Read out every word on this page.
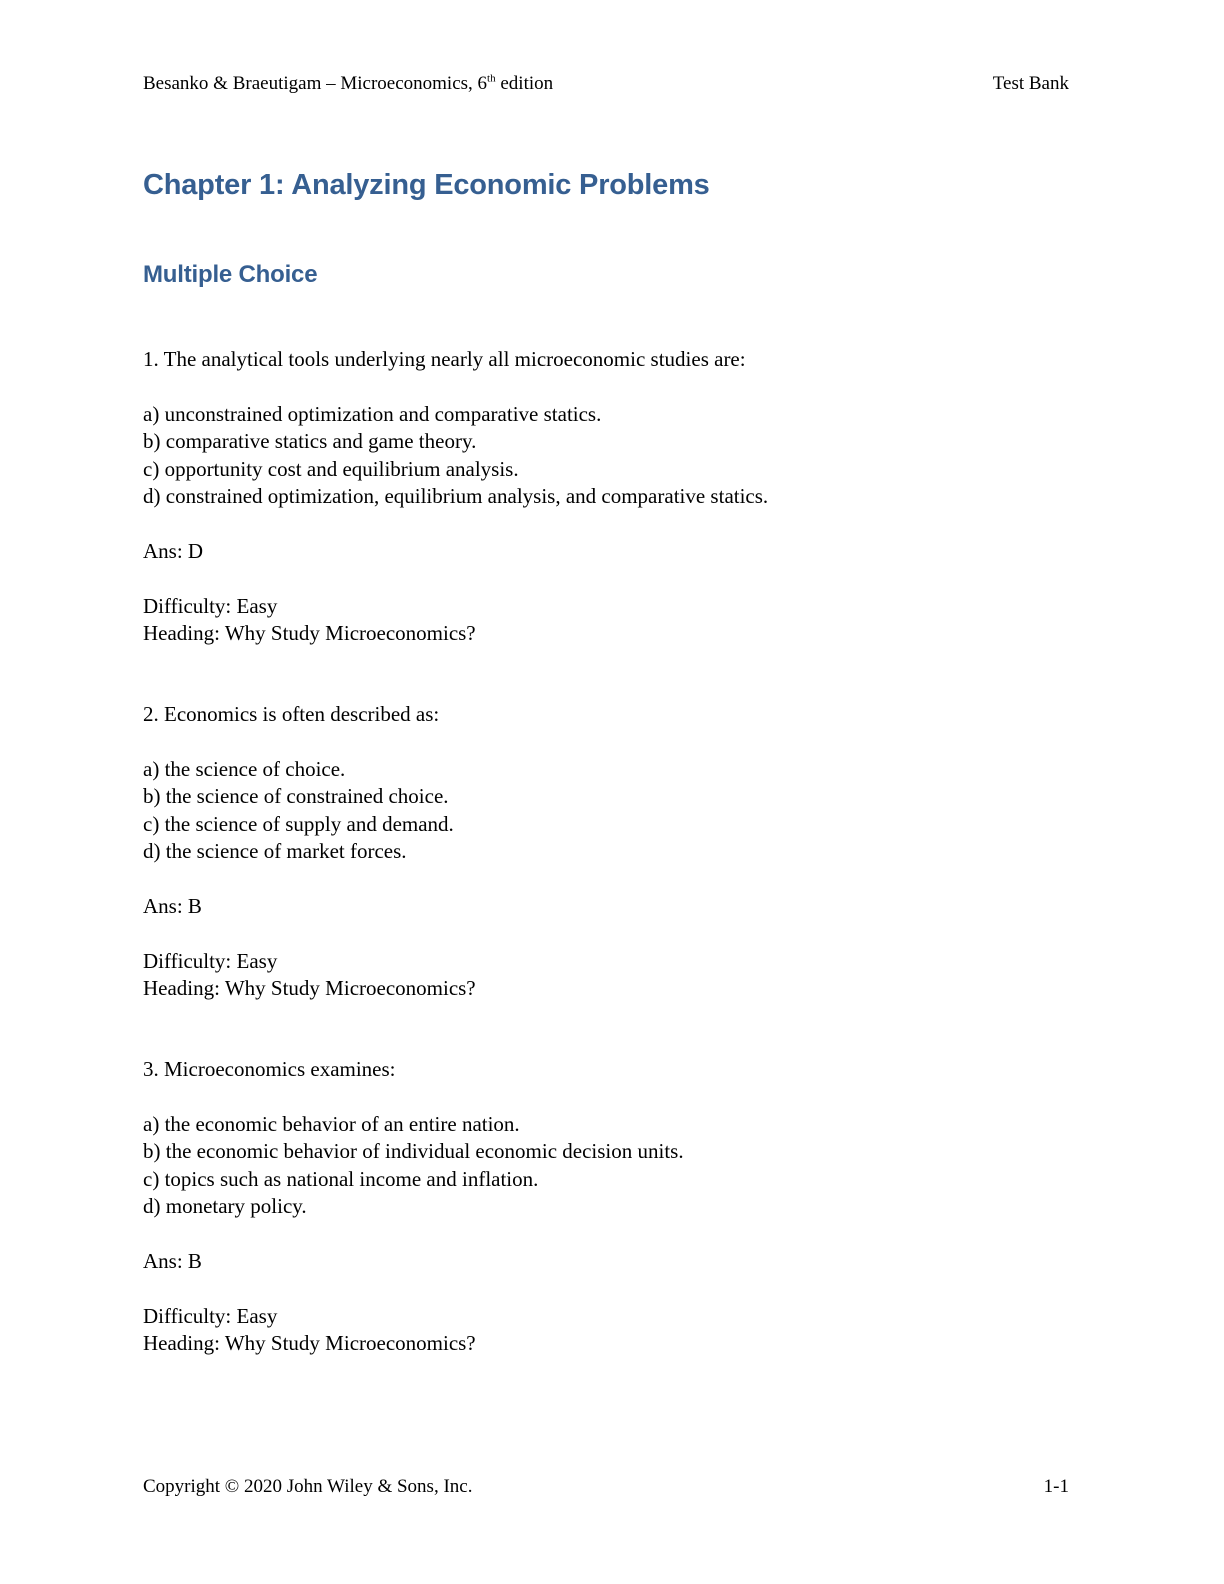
Besanko & Braeutigam – Microeconomics, 6th edition	Test Bank
Chapter 1: Analyzing Economic Problems
Multiple Choice
1. The analytical tools underlying nearly all microeconomic studies are:
a) unconstrained optimization and comparative statics.
b) comparative statics and game theory.
c) opportunity cost and equilibrium analysis.
d) constrained optimization, equilibrium analysis, and comparative statics.
Ans: D
Difficulty: Easy
Heading: Why Study Microeconomics?
2. Economics is often described as:
a) the science of choice.
b) the science of constrained choice.
c) the science of supply and demand.
d) the science of market forces.
Ans: B
Difficulty: Easy
Heading: Why Study Microeconomics?
3. Microeconomics examines:
a) the economic behavior of an entire nation.
b) the economic behavior of individual economic decision units.
c) topics such as national income and inflation.
d) monetary policy.
Ans: B
Difficulty: Easy
Heading: Why Study Microeconomics?
Copyright © 2020 John Wiley & Sons, Inc.	1-1
